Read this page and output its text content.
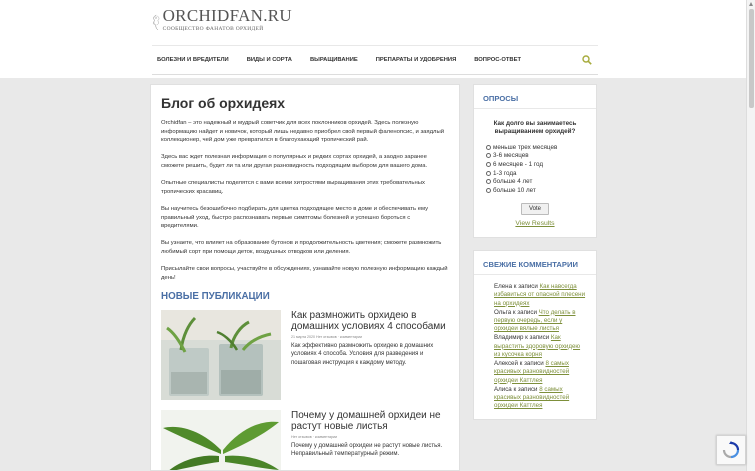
ORCHIDFAN.RU
СООБЩЕСТВО ФАНАТОВ ОРХИДЕЙ
БОЛЕЗНИ И ВРЕДИТЕЛИ	ВИДЫ И СОРТА	ВЫРАЩИВАНИЕ	ПРЕПАРАТЫ И УДОБРЕНИЯ	ВОПРОС-ОТВЕТ
Блог об орхидеях

Orchidfan – это надежный и мудрый советчик для всех поклонников орхидей. Здесь полезную информацию найдет и новичок, который лишь недавно приобрел свой первый фаленопсис, и заядлый коллекционер, чей дом уже превратился в благоухающий тропический рай.

Здесь вас ждет полезная информация о популярных и редких сортах орхидей, а заодно заранее сможете решить, будет ли та или другая разновидность подходящим выбором для вашего дома.

Опытные специалисты поделятся с вами всеми хитростями выращивания этих требовательных тропических красавиц.

Вы научитесь безошибочно подбирать для цветка подходящее место в доме и обеспечивать ему правильный уход, быстро распознавать первые симптомы болезней и успешно бороться с вредителями.

Вы узнаете, что влияет на образование бутонов и продолжительность цветения; сможете размножить любимый сорт при помощи деток, воздушных отводков или деления.

Присылайте свои вопросы, участвуйте в обсуждениях, узнавайте новую полезную информацию каждый день!

НОВЫЕ ПУБЛИКАЦИИ
Как размножить орхидею в домашних условиях 4 способами
21 марта 2020 Нет отзывов · комментарии
Как эффективно размножить орхидею в домашних условиях 4 способа. Условия для разведения и пошаговая инструкция к каждому методу.
Почему у домашней орхидеи не растут новые листья
Нет отзывов · комментарии
Почему у домашней орхидеи не растут новые листья. Неправильный температурный режим.
ОПРОСЫ
Как долго вы занимаетесь выращиванием орхидей?
меньше трех месяцев
3-6 месяцев
6 месяцев - 1 год
1-3 года
больше 4 лет
больше 10 лет
Vote
View Results
СВЕЖИЕ КОММЕНТАРИИ
Елена к записи Как навсегда избавиться от опасной плесени на орхидеях
Ольга к записи Что делать в первую очередь, если у орхидеи вялые листья
Владимир к записи Как вырастить здоровую орхидею из кусочка корня
Алексей к записи 8 самых красивых разновидностей орхидеи Каттлея
Алиса к записи 8 самых красивых разновидностей орхидеи Каттлея
